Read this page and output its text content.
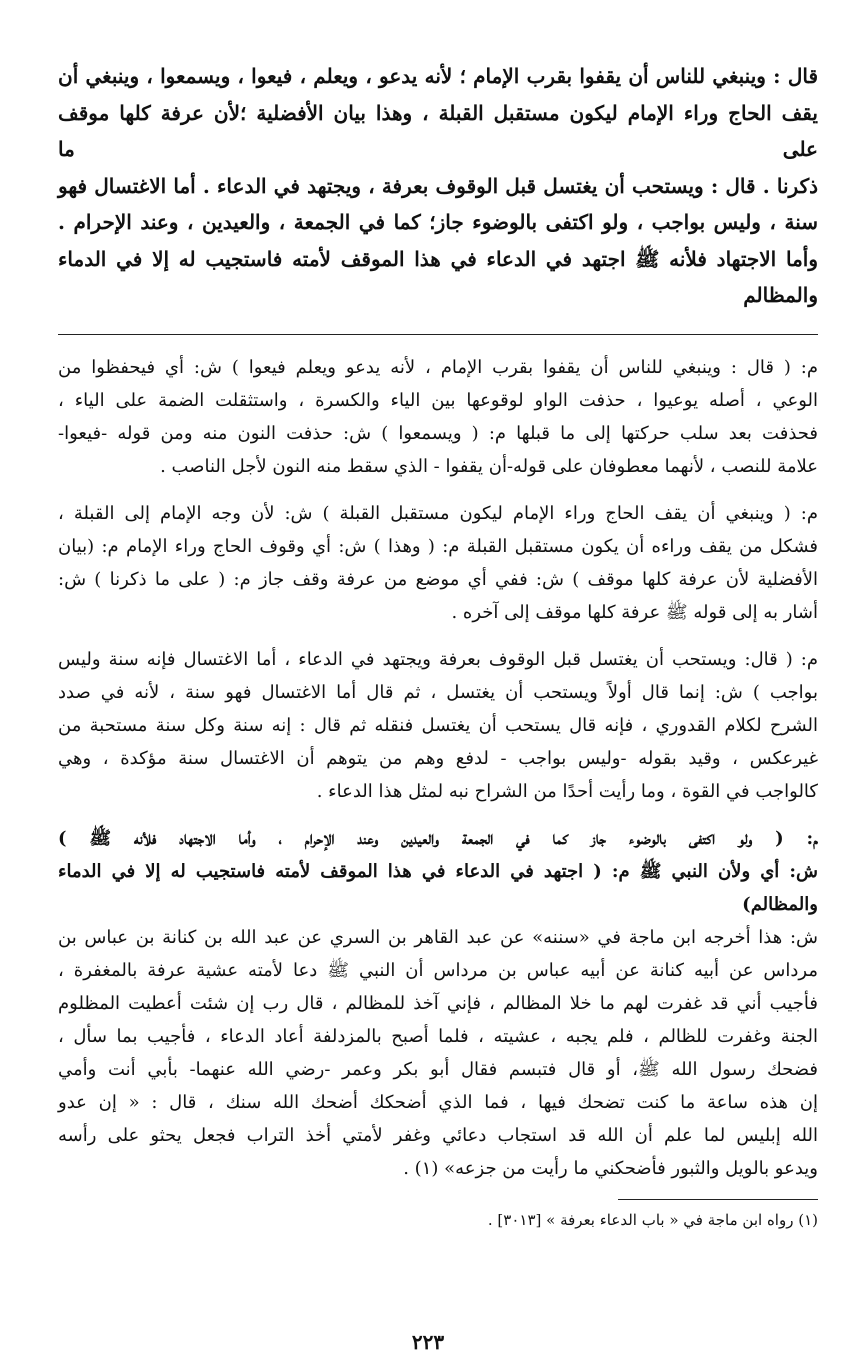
قال : وينبغي للناس أن يقفوا بقرب الإمام ؛ لأنه يدعو ، ويعلم ، فيعوا ، ويسمعوا ، وينبغي أن

يقف الحاج وراء الإمام ليكون مستقبل القبلة ، وهذا بيان الأفضلية ؛لأن عرفة كلها موقف على ما

ذكرنا . قال : ويستحب أن يغتسل قبل الوقوف بعرفة ، ويجتهد في الدعاء . أما الاغتسال فهو

سنة ، وليس بواجب ، ولو اكتفى بالوضوء جاز؛ كما في الجمعة ، والعيدين ، وعند الإحرام .

وأما الاجتهاد فلأنه ﷺ اجتهد في الدعاء في هذا الموقف لأمته فاستجيب له إلا في الدماء والمظالم

م: ( قال : وينبغي للناس أن يقفوا بقرب الإمام ، لأنه يدعو ويعلم فيعوا ) ش: أي فيحفظوا من

الوعي ، أصله يوعيوا ، حذفت الواو لوقوعها بين الياء والكسرة ، واستثقلت الضمة على الياء ،

فحذفت بعد سلب حركتها إلى ما قبلها م: ( ويسمعوا ) ش: حذفت النون منه ومن قوله -فيعوا-

علامة للنصب ، لأنهما معطوفان على قوله-أن يقفوا - الذي سقط منه النون لأجل الناصب .

م: ( وينبغي أن يقف الحاج وراء الإمام ليكون مستقبل القبلة ) ش: لأن وجه الإمام إلى القبلة ،

فشكل من يقف وراءه أن يكون مستقبل القبلة م: ( وهذا ) ش: أي وقوف الحاج وراء الإمام م: (بيان

الأفضلية لأن عرفة كلها موقف ) ش: ففي أي موضع من عرفة وقف جاز م: ( على ما ذكرنا ) ش:

أشار به إلى قوله ﷺ عرفة كلها موقف إلى آخره .

م: ( قال: ويستحب أن يغتسل قبل الوقوف بعرفة ويجتهد في الدعاء ، أما الاغتسال فإنه سنة وليس

بواجب ) ش: إنما قال أولاً ويستحب أن يغتسل ، ثم قال أما الاغتسال فهو سنة ، لأنه في صدد

الشرح لكلام القدوري ، فإنه قال يستحب أن يغتسل فنقله ثم قال : إنه سنة وكل سنة مستحبة من

غيرعكس ، وقيد بقوله -وليس بواجب - لدفع وهم من يتوهم أن الاغتسال سنة مؤكدة ، وهي

كالواجب في القوة ، وما رأيت أحدًا من الشراح نبه لمثل هذا الدعاء .

م: ( ولو اكتفى بالوضوء جاز كما في الجمعة والعيدين وعند الإحرام ، وأما الاجتهاد فلأنه ﷺ )

ش: أي ولأن النبي ﷺ م: ( اجتهد في الدعاء في هذا الموقف لأمته فاستجيب له إلا في الدماء والمظالم)

ش: هذا أخرجه ابن ماجة في «سننه» عن عبد القاهر بن السري عن عبد الله بن كنانة بن عباس بن

مرداس عن أبيه كنانة عن أبيه عباس بن مرداس أن النبي ﷺ دعا لأمته عشية عرفة بالمغفرة ،

فأجيب أني قد غفرت لهم ما خلا المظالم ، فإني آخذ للمظالم ، قال رب إن شئت أعطيت المظلوم

الجنة وغفرت للظالم ، فلم يجبه ، عشيته ، فلما أصبح بالمزدلفة أعاد الدعاء ، فأجيب بما سأل ،

فضحك رسول الله ﷺ، أو قال فتبسم فقال أبو بكر وعمر -رضي الله عنهما- بأبي أنت وأمي

إن هذه ساعة ما كنت تضحك فيها ، فما الذي أضحكك أضحك الله سنك ، قال : « إن عدو

الله إبليس لما علم أن الله قد استجاب دعائي وغفر لأمتي أخذ التراب فجعل يحثو على رأسه

ويدعو بالويل والثبور فأضحكني ما رأيت من جزعه» (١) .

(١) رواه ابن ماجة في « باب الدعاء بعرفة » [٣٠١٣] .
٢٢٣
